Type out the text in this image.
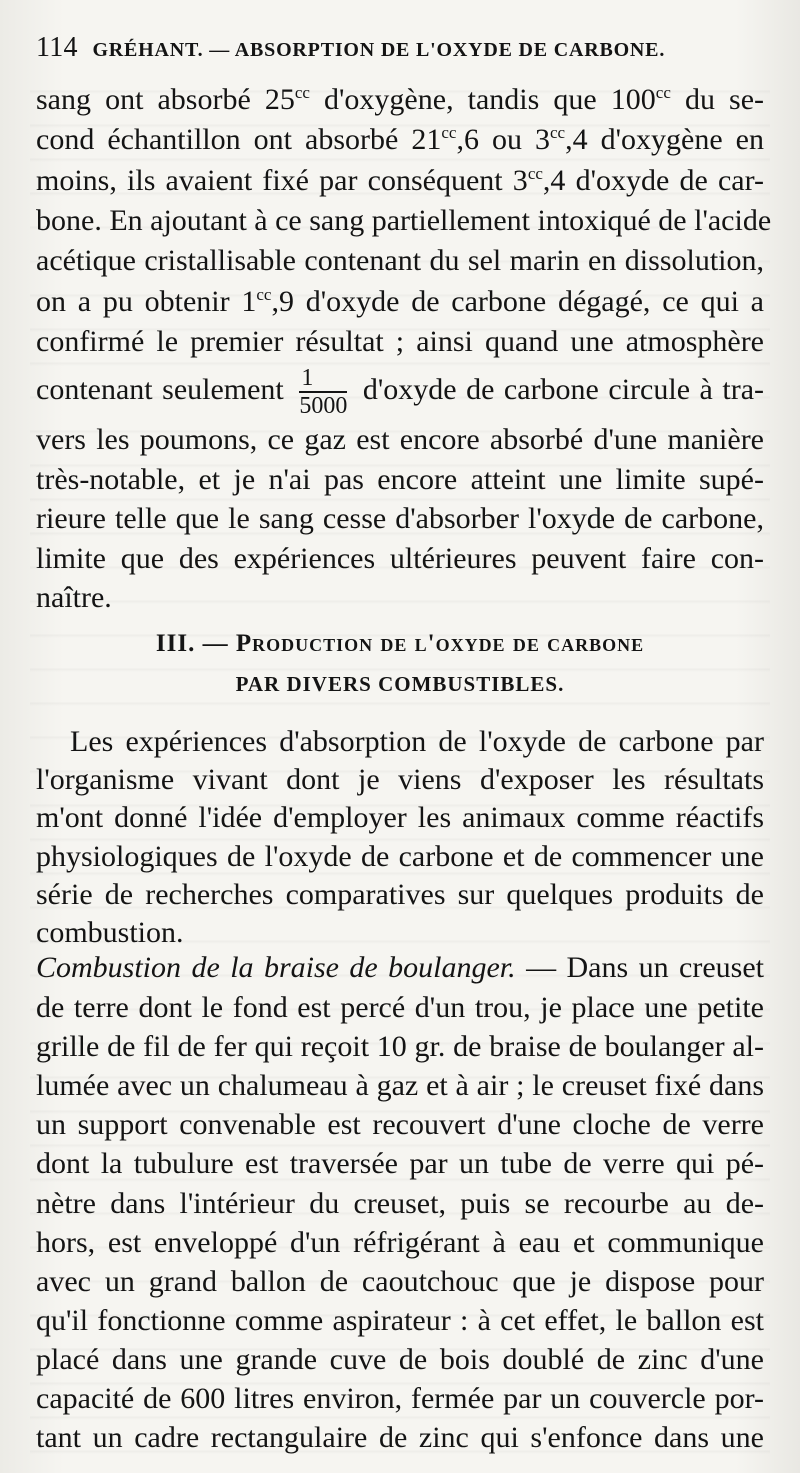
114 GRÉHANT. — ABSORPTION DE L'OXYDE DE CARBONE.
sang ont absorbé $25^{cc}$ d'oxygène, tandis que $100^{cc}$ du se-
cond échantillon ont absorbé $21^{cc},6$ ou $3^{cc},4$ d'oxygène en
moins, ils avaient fixé par conséquent $3^{cc},4$ d'oxyde de car-
bone. En ajoutant à ce sang partiellement intoxiqué de l'acide
acétique cristallisable contenant du sel marin en dissolution,
on a pu obtenir $1^{cc},9$ d'oxyde de carbone dégagé, ce qui a
confirmé le premier résultat ; ainsi quand une atmosphère
contenant seulement $\frac{1}{5000}$ d'oxyde de carbone circule à tra-
vers les poumons, ce gaz est encore absorbé d'une manière
très-notable, et je n'ai pas encore atteint une limite supé-
rieure telle que le sang cesse d'absorber l'oxyde de carbone,
limite que des expériences ultérieures peuvent faire con-
naître.
III. — Production de l'oxyde de carbone
PAR DIVERS COMBUSTIBLES.
Les expériences d'absorption de l'oxyde de carbone par
l'organisme vivant dont je viens d'exposer les résultats
m'ont donné l'idée d'employer les animaux comme réactifs
physiologiques de l'oxyde de carbone et de commencer une
série de recherches comparatives sur quelques produits de
combustion.
Combustion de la braise de boulanger. — Dans un creuset
de terre dont le fond est percé d'un trou, je place une petite
grille de fil de fer qui reçoit 10 gr. de braise de boulanger al-
lumée avec un chalumeau à gaz et à air ; le creuset fixé dans
un support convenable est recouvert d'une cloche de verre
dont la tubulure est traversée par un tube de verre qui pé-
nètre dans l'intérieur du creuset, puis se recourbe au de-
hors, est enveloppé d'un réfrigérant à eau et communique
avec un grand ballon de caoutchouc que je dispose pour
qu'il fonctionne comme aspirateur : à cet effet, le ballon est
placé dans une grande cuve de bois doublé de zinc d'une
capacité de 600 litres environ, fermée par un couvercle por-
tant un cadre rectangulaire de zinc qui s'enfonce dans une
